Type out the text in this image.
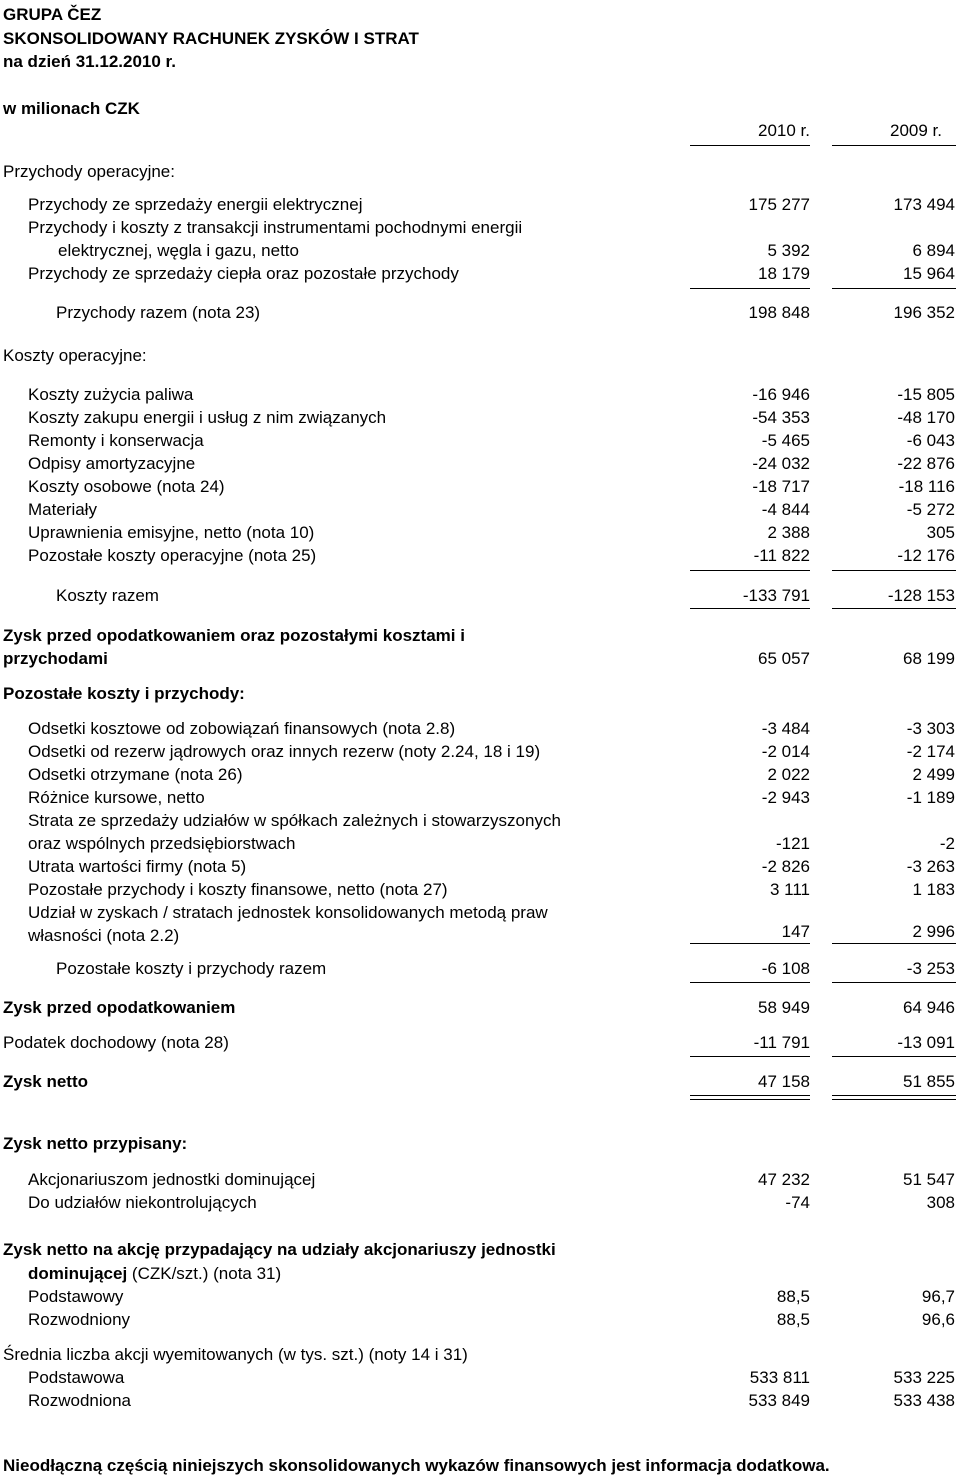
GRUPA ČEZ
SKONSOLIDOWANY RACHUNEK ZYSKÓW I STRAT
na dzień 31.12.2010 r.
w milionach CZK
2010 r.	2009 r.
Przychody operacyjne:
Przychody ze sprzedaży energii elektrycznej	175 277	173 494
Przychody i koszty z transakcji instrumentami pochodnymi energii
elektrycznej, węgla i gazu, netto	5 392	6 894
Przychody ze sprzedaży ciepła oraz pozostałe przychody	18 179	15 964
Przychody razem (nota 23)	198 848	196 352
Koszty operacyjne:
Koszty zużycia paliwa	-16 946	-15 805
Koszty zakupu energii i usług z nim związanych	-54 353	-48 170
Remonty i konserwacja	-5 465	-6 043
Odpisy amortyzacyjne	-24 032	-22 876
Koszty osobowe (nota 24)	-18 717	-18 116
Materiały	-4 844	-5 272
Uprawnienia emisyjne, netto (nota 10)	2 388	305
Pozostałe koszty operacyjne (nota 25)	-11 822	-12 176
Koszty razem	-133 791	-128 153
Zysk przed opodatkowaniem oraz pozostałymi kosztami i
przychodami	65 057	68 199
Pozostałe koszty i przychody:
Odsetki kosztowe od zobowiązań finansowych (nota 2.8)	-3 484	-3 303
Odsetki od rezerw jądrowych oraz innych rezerw (noty 2.24, 18 i 19)	-2 014	-2 174
Odsetki otrzymane (nota 26)	2 022	2 499
Różnice kursowe, netto	-2 943	-1 189
Strata ze sprzedaży udziałów w spółkach zależnych i stowarzyszonych
oraz wspólnych przedsiębiorstwach	-121	-2
Utrata wartości firmy (nota 5)	-2 826	-3 263
Pozostałe przychody i koszty finansowe, netto (nota 27)	3 111	1 183
Udział w zyskach / stratach jednostek konsolidowanych metodą praw
własności (nota 2.2)	147	2 996
Pozostałe koszty i przychody razem	-6 108	-3 253
Zysk przed opodatkowaniem	58 949	64 946
Podatek dochodowy (nota 28)	-11 791	-13 091
Zysk netto	47 158	51 855
Zysk netto przypisany:
Akcjonariuszom jednostki dominującej	47 232	51 547
Do udziałów niekontrolujących	-74	308
Zysk netto na akcję przypadający na udziały akcjonariuszy jednostki
dominującej (CZK/szt.) (nota 31)
Podstawowy	88,5	96,7
Rozwodniony	88,5	96,6
Średnia liczba akcji wyemitowanych (w tys. szt.) (noty 14 i 31)
Podstawowa	533 811	533 225
Rozwodniona	533 849	533 438
Nieodłączną częścią niniejszych skonsolidowanych wykazów finansowych jest informacja dodatkowa.
